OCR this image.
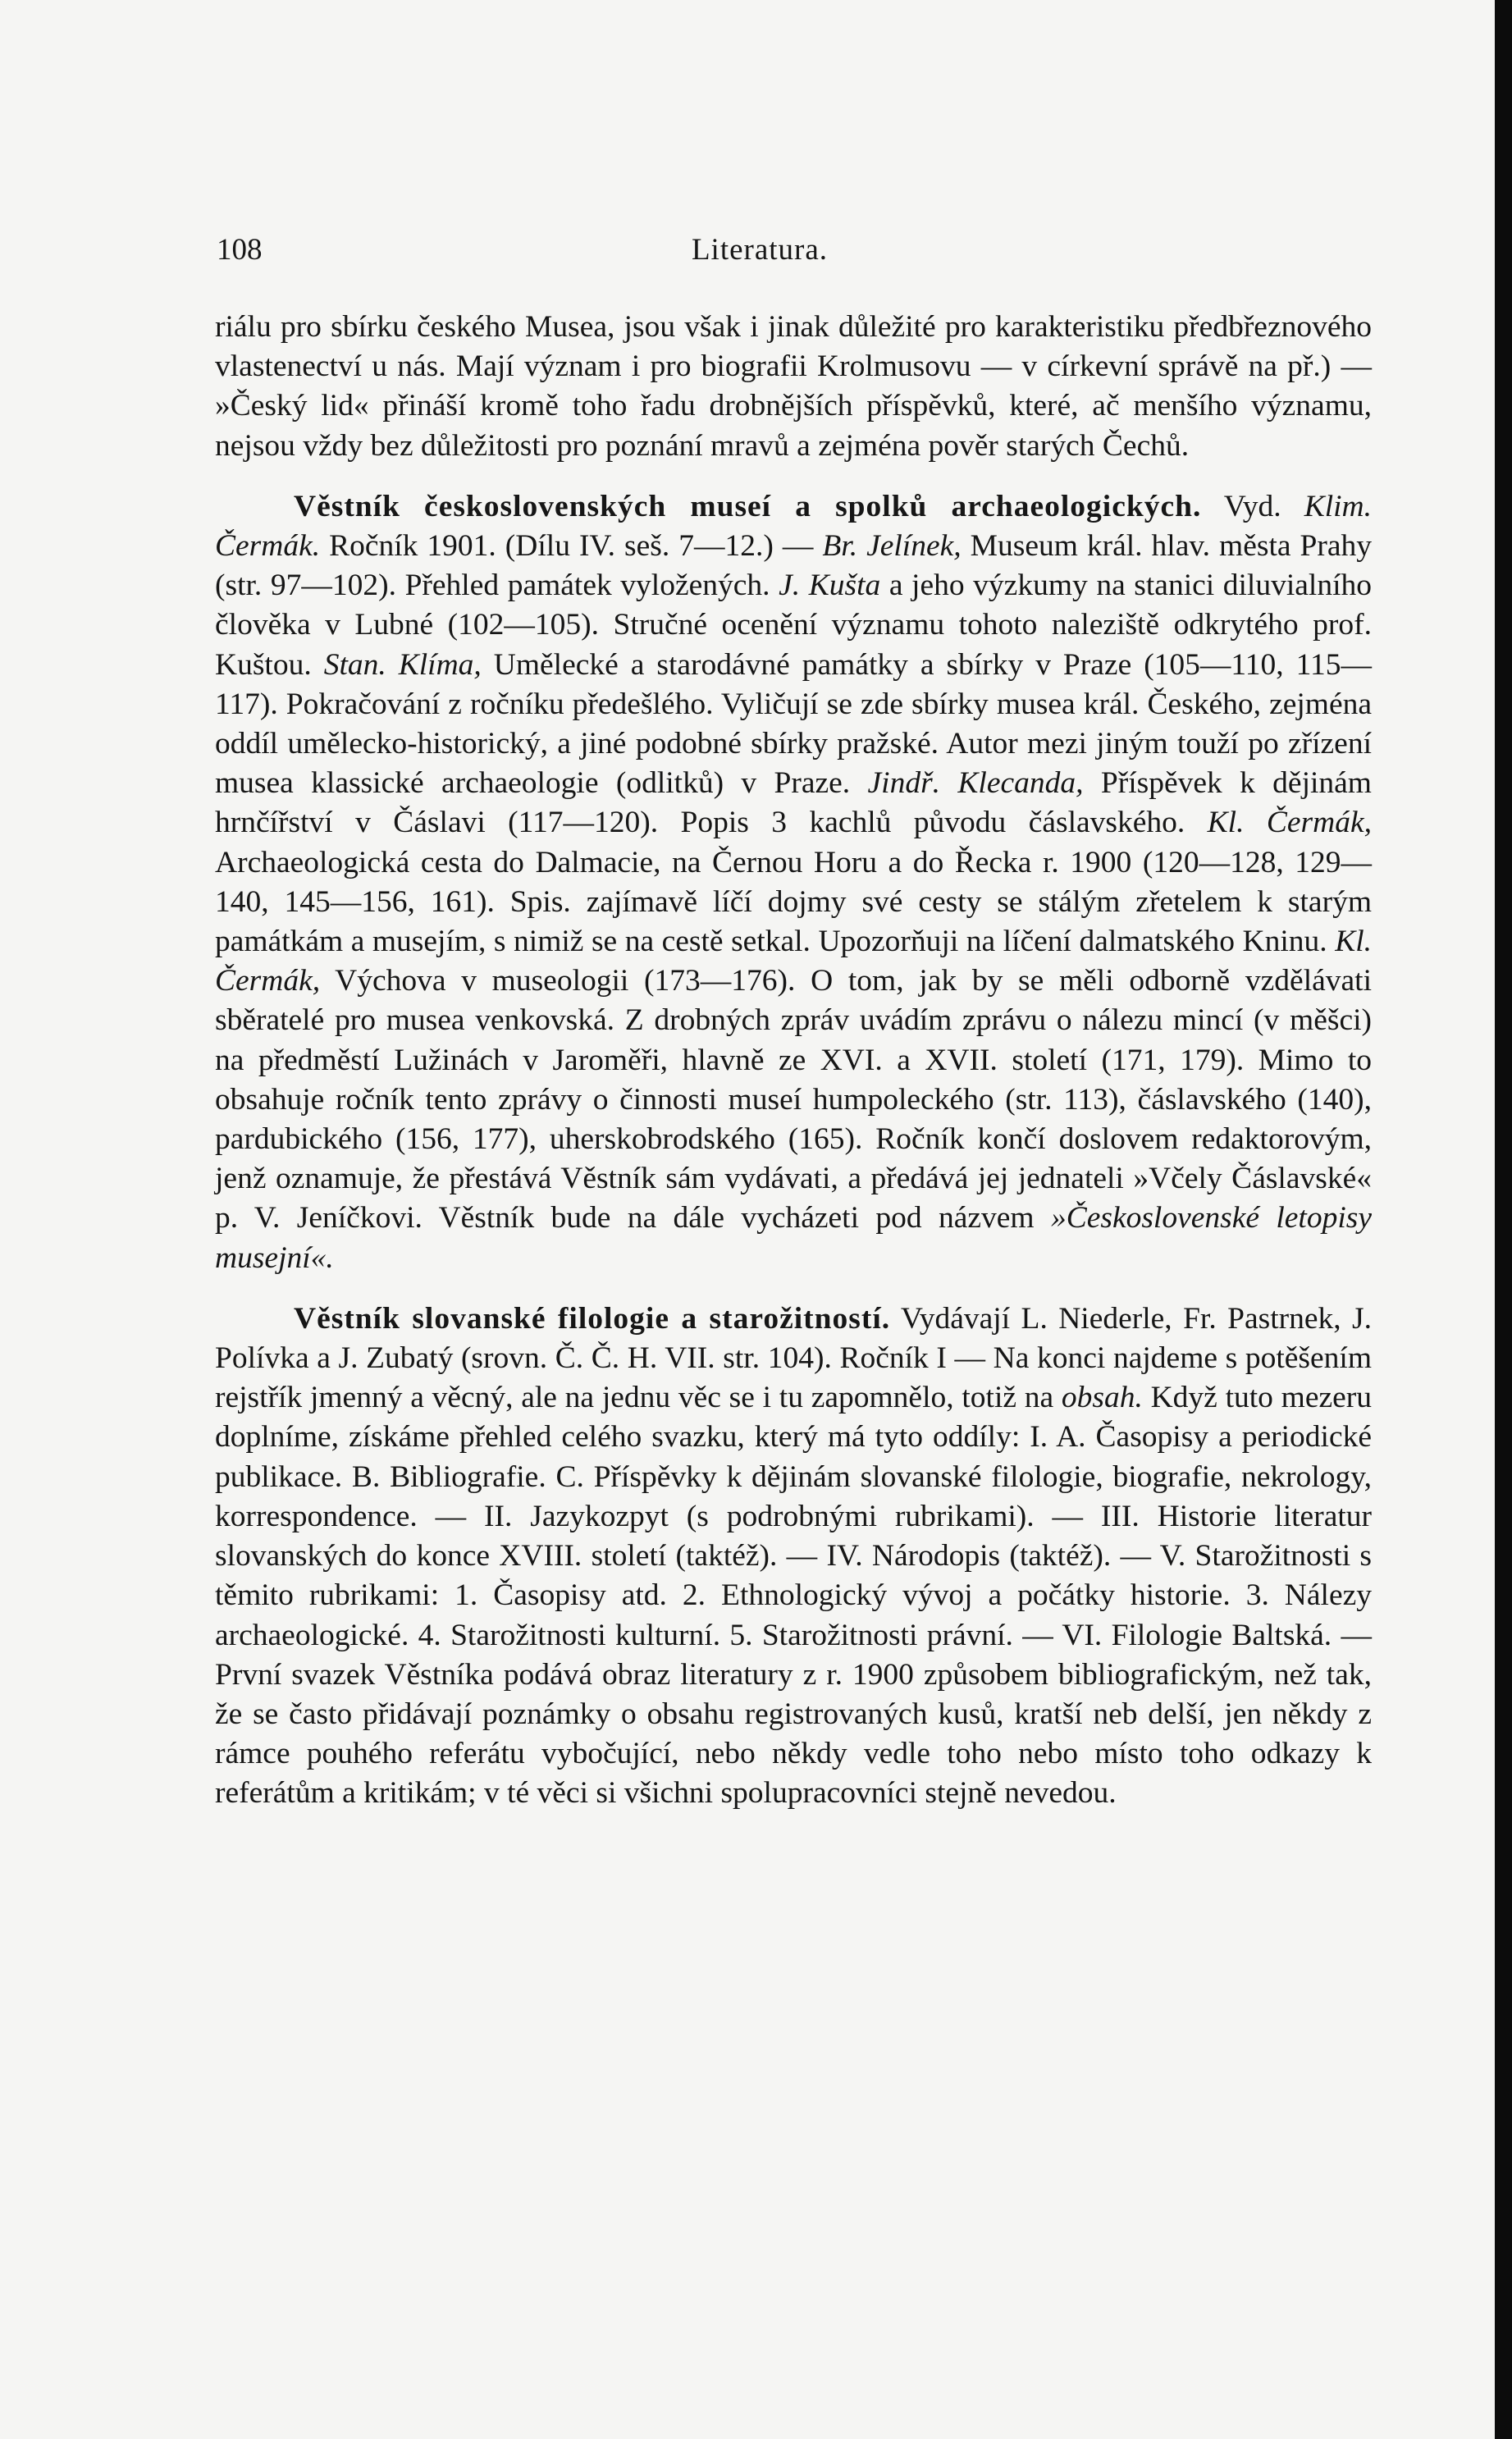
108	Literatura.

riálu pro sbírku českého Musea, jsou však i jinak důležité pro karakteristiku předbřeznového vlastenectví u nás. Mají význam i pro biografii Krolmusovu — v církevní správě na př.) — »Český lid« přináší kromě toho řadu drobnějších příspěvků, které, ač menšího významu, nejsou vždy bez důležitosti pro poznání mravů a zejména pověr starých Čechů.

Věstník československých museí a spolků archaeologických. Vyd. Klim. Čermák. Ročník 1901. (Dílu IV. seš. 7—12.) — Br. Jelínek, Museum král. hlav. města Prahy (str. 97—102). Přehled památek vyložených. J. Kušta a jeho výzkumy na stanici diluvialního člověka v Lubné (102—105). Stručné ocenění významu tohoto naleziště odkrytého prof. Kuštou. Stan. Klíma, Umělecké a starodávné památky a sbírky v Praze (105—110, 115—117). Pokračování z ročníku předešlého. Vyličují se zde sbírky musea král. Českého, zejména oddíl umělecko-historický, a jiné podobné sbírky pražské. Autor mezi jiným touží po zřízení musea klassické archaeologie (odlitků) v Praze. Jindř. Klecanda, Příspěvek k dějinám hrnčířství v Čáslavi (117—120). Popis 3 kachlů původu čáslavského. Kl. Čermák, Archaeologická cesta do Dalmacie, na Černou Horu a do Řecka r. 1900 (120—128, 129—140, 145—156, 161). Spis. zajímavě líčí dojmy své cesty se stálým zřetelem k starým památkám a musejím, s nimiž se na cestě setkal. Upozorňuji na líčení dalmatského Kninu. Kl. Čermák, Výchova v museologii (173—176). O tom, jak by se měli odborně vzdělávati sběratelé pro musea venkovská. Z drobných zpráv uvádím zprávu o nálezu mincí (v měšci) na předměstí Lužinách v Jaroměři, hlavně ze XVI. a XVII. století (171, 179). Mimo to obsahuje ročník tento zprávy o činnosti museí humpoleckého (str. 113), čáslavského (140), pardubického (156, 177), uherskobrodského (165). Ročník končí doslovem redaktorovým, jenž oznamuje, že přestává Věstník sám vydávati, a předává jej jednateli »Včely Čáslavské« p. V. Jeníčkovi. Věstník bude na dále vycházeti pod názvem »Československé letopisy musejní«.

Věstník slovanské filologie a starožitností. Vydávají L. Niederle, Fr. Pastrnek, J. Polívka a J. Zubatý (srovn. Č. Č. H. VII. str. 104). Ročník I — Na konci najdeme s potěšením rejstřík jmenný a věcný, ale na jednu věc se i tu zapomnělo, totiž na obsah. Když tuto mezeru doplníme, získáme přehled celého svazku, který má tyto oddíly: I. A. Časopisy a periodické publikace. B. Bibliografie. C. Příspěvky k dějinám slovanské filologie, biografie, nekrology, korrespondence. — II. Jazykozpyt (s podrobnými rubrikami). — III. Historie literatur slovanských do konce XVIII. století (taktéž). — IV. Národopis (taktéž). — V. Starožitnosti s těmito rubrikami: 1. Časopisy atd. 2. Ethnologický vývoj a počátky historie. 3. Nálezy archaeologické. 4. Starožitnosti kulturní. 5. Starožitnosti právní. — VI. Filologie Baltská. — První svazek Věstníka podává obraz literatury z r. 1900 způsobem bibliografickým, než tak, že se často přidávají poznámky o obsahu registrovaných kusů, kratší neb delší, jen někdy z rámce pouhého referátu vybočující, nebo někdy vedle toho nebo místo toho odkazy k referátům a kritikám; v té věci si všichni spolupracovníci stejně nevedou.
